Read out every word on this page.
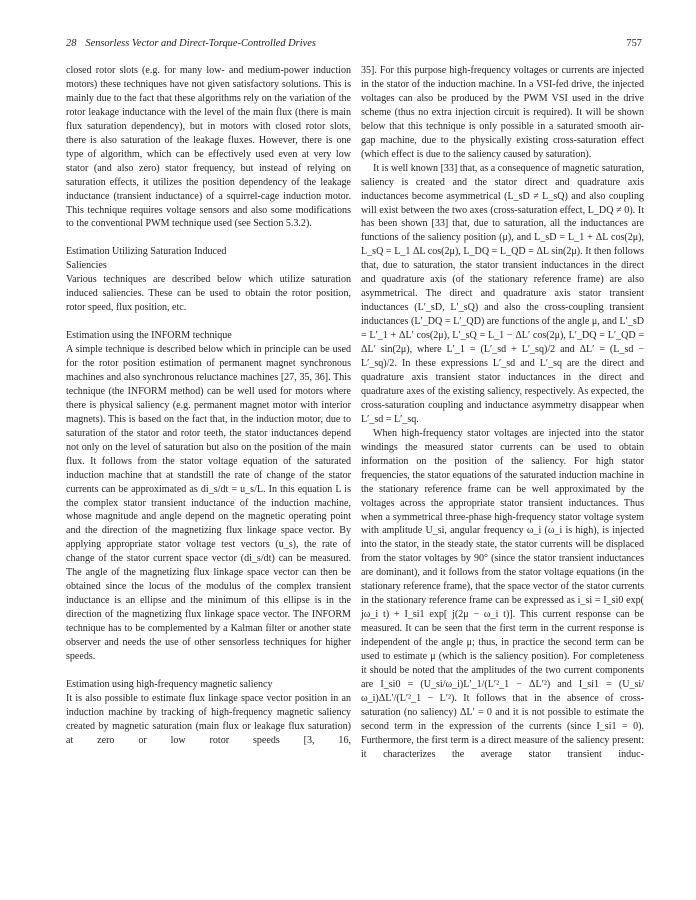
28 Sensorless Vector and Direct-Torque-Controlled Drives	757

closed rotor slots (e.g. for many low- and medium-power induction motors) these techniques have not given satisfactory solutions. This is mainly due to the fact that these algorithms rely on the variation of the rotor leakage inductance with the level of the main flux (there is main flux saturation dependency), but in motors with closed rotor slots, there is also saturation of the leakage fluxes. However, there is one type of algorithm, which can be effectively used even at very low stator (and also zero) stator frequency, but instead of relying on saturation effects, it utilizes the position dependency of the leakage inductance (transient inductance) of a squirrel-cage induction motor. This technique requires voltage sensors and also some modifications to the conventional PWM technique used (see Section 5.3.2).

Estimation Utilizing Saturation Induced
Saliencies

Various techniques are described below which utilize saturation induced saliencies. These can be used to obtain the rotor position, rotor speed, flux position, etc.

Estimation using the INFORM technique

A simple technique is described below which in principle can be used for the rotor position estimation of permanent magnet synchronous machines and also synchronous reluctance machines [27, 35, 36]. This technique (the INFORM method) can be well used for motors where there is physical saliency (e.g. permanent magnet motor with interior magnets). This is based on the fact that, in the induction motor, due to saturation of the stator and rotor teeth, the stator inductances depend not only on the level of saturation but also on the position of the main flux. It follows from the stator voltage equation of the saturated induction machine that at standstill the rate of change of the stator currents can be approximated as di_s/dt = u_s/L. In this equation L is the complex stator transient inductance of the induction machine, whose magnitude and angle depend on the magnetic operating point and the direction of the magnetizing flux linkage space vector. By applying appropriate stator voltage test vectors (u_s), the rate of change of the stator current space vector (di_s/dt) can be measured. The angle of the magnetizing flux linkage space vector can then be obtained since the locus of the modulus of the complex transient inductance is an ellipse and the minimum of this ellipse is in the direction of the magnetizing flux linkage space vector. The INFORM technique has to be complemented by a Kalman filter or another state observer and needs the use of other sensorless techniques for higher speeds.

Estimation using high-frequency magnetic saliency

It is also possible to estimate flux linkage space vector position in an induction machine by tracking of high-frequency magnetic saliency created by magnetic saturation (main flux or leakage flux saturation) at zero or low rotor speeds [3, 16,

35]. For this purpose high-frequency voltages or currents are injected in the stator of the induction machine. In a VSI-fed drive, the injected voltages can also be produced by the PWM VSI used in the drive scheme (thus no extra injection circuit is required). It will be shown below that this technique is only possible in a saturated smooth air-gap machine, due to the physically existing cross-saturation effect (which effect is due to the saliency caused by saturation).

It is well known [33] that, as a consequence of magnetic saturation, saliency is created and the stator direct and quadrature axis inductances become asymmetrical (L_sD ≠ L_sQ) and also coupling will exist between the two axes (cross-saturation effect, L_DQ ≠ 0). It has been shown [33] that, due to saturation, all the inductances are functions of the saliency position (μ), and L_sD = L_1 + ΔL cos(2μ), L_sQ = L_1 ΔL cos(2μ), L_DQ = L_QD = ΔL sin(2μ). It then follows that, due to saturation, the stator transient inductances in the direct and quadrature axis (of the stationary reference frame) are also asymmetrical. The direct and quadrature axis stator transient inductances (L′_sD, L′_sQ) and also the cross-coupling transient inductances (L′_DQ = L′_QD) are functions of the angle μ, and L′_sD = L′_1 + ΔL′ cos(2μ), L′_sQ = L_1 − ΔL′ cos(2μ), L′_DQ = L′_QD = ΔL′ sin(2μ), where L′_1 = (L′_sd + L′_sq)/2 and ΔL′ = (L_sd − L′_sq)/2. In these expressions L′_sd and L′_sq are the direct and quadrature axis transient stator inductances in the direct and quadrature axes of the existing saliency, respectively. As expected, the cross-saturation coupling and inductance asymmetry disappear when L′_sd = L′_sq.

When high-frequency stator voltages are injected into the stator windings the measured stator currents can be used to obtain information on the position of the saliency. For high stator frequencies, the stator equations of the saturated induction machine in the stationary reference frame can be well approximated by the voltages across the appropriate stator transient inductances. Thus when a symmetrical three-phase high-frequency stator voltage system with amplitude U_si, angular frequency ω_i (ω_i is high), is injected into the stator, in the steady state, the stator currents will be displaced from the stator voltages by 90° (since the stator transient inductances are dominant), and it follows from the stator voltage equations (in the stationary reference frame), that the space vector of the stator currents in the stationary reference frame can be expressed as i_si = I_si0 exp( jω_i t) + I_si1 exp[ j(2μ − ω_i t)]. This current response can be measured. It can be seen that the first term in the current response is independent of the angle μ; thus, in practice the second term can be used to estimate μ (which is the saliency position). For completeness it should be noted that the amplitudes of the two current components are I_si0 = (U_si/ω_i)L′_1/(L′²_1 − ΔL′²) and I_si1 = (U_si/ω_i)ΔL′/(L′²_1 − L′²). It follows that in the absence of cross-saturation (no saliency) ΔL′ = 0 and it is not possible to estimate the second term in the expression of the currents (since I_si1 = 0). Furthermore, the first term is a direct measure of the saliency present: it characterizes the average stator transient induc-
